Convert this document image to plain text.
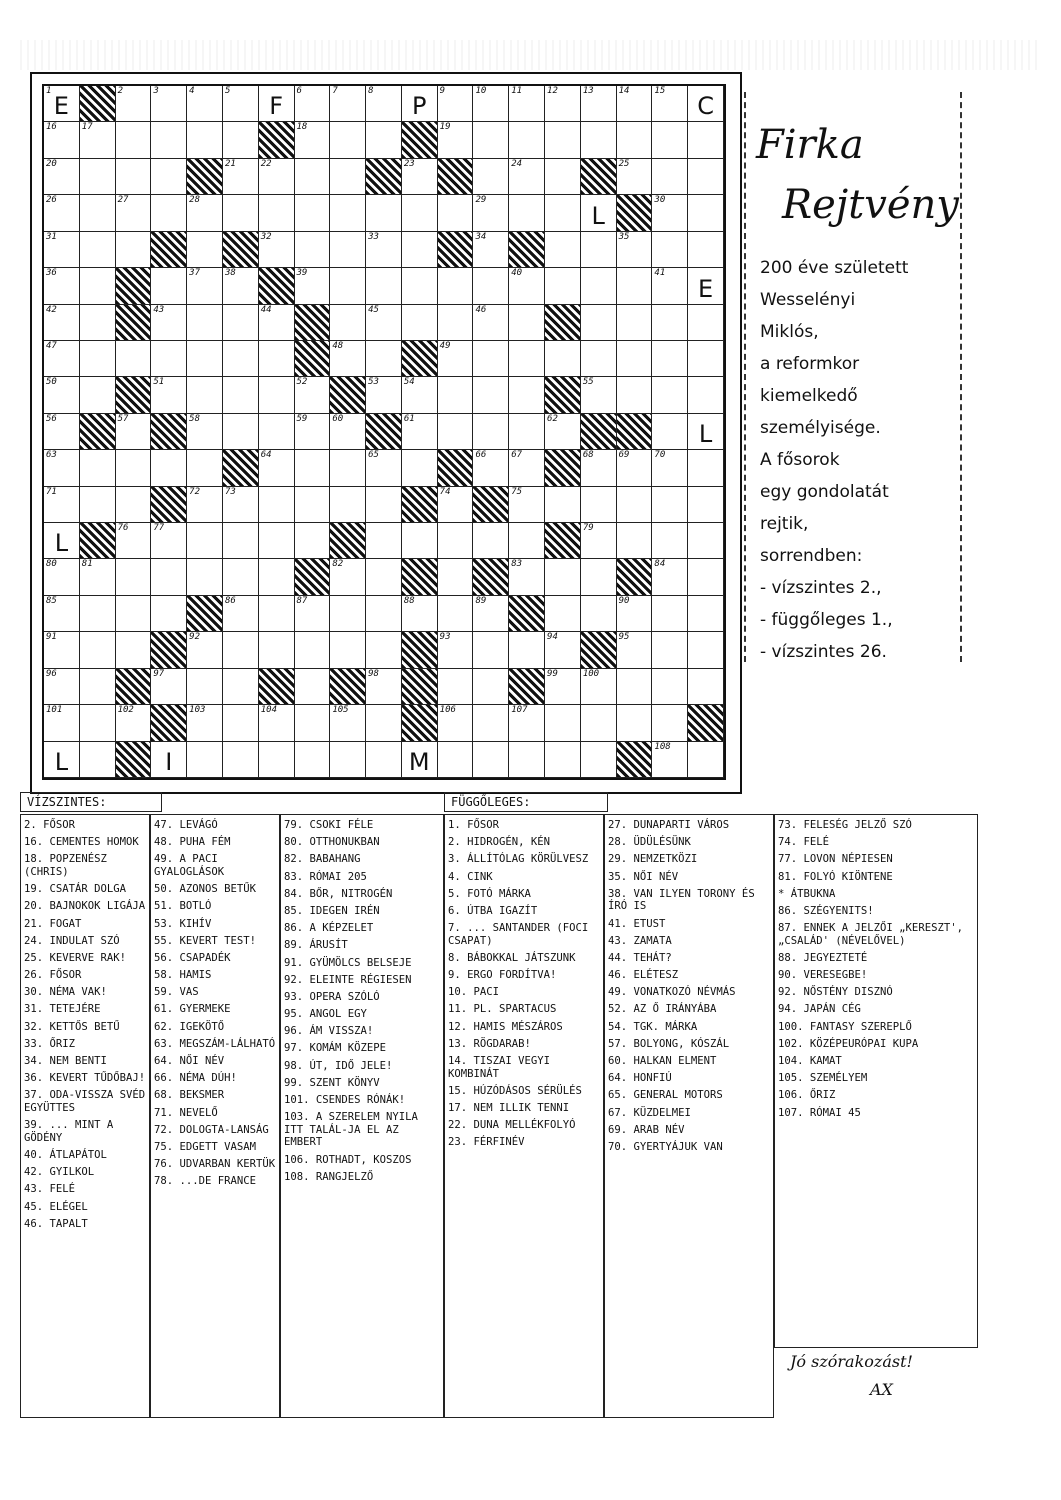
1
E
2	3	4	5
F
6	7	8
P
9	10	11	12	13	14	15
C
16	17	18	19
20	21	22	23	24	25
26	27	28	29
L
30
31	32	33	34	35
36	37	38	39	40	41
E
42	43	44	45	46
47	48	49
50	51	52	53	54	55
56	57	58	59	60	61	62
L
63	64	65	66	67	68	69	70
71	72	73	74	75
L
76	77	79
80	81	82	83	84
85	86	87	88	89	90
91	92	93	94	95
96	97	98	99	100
101	102	103	104	105	106	107
L	I	M
108
Firka
Rejtvény
200 éve született
Wesselényi
Miklós,
a reformkor
kiemelkedő
személyisége.
A fősorok
egy gondolatát
rejtik,
sorrendben:
- vízszintes 2.,
- függőleges 1.,
- vízszintes 26.
VÍZSZINTES:	FÜGGŐLEGES:
2. FŐSOR
16. CEMENTES HOMOK
18. POPZENÉSZ (CHRIS)
19. CSATÁR DOLGA
20. BAJNOKOK LIGÁJA
21. FOGAT
24. INDULAT SZÓ
25. KEVERVE RAK!
26. FŐSOR
30. NÉMA VAK!
31. TETEJÉRE
32. KETTŐS BETŰ
33. ŐRIZ
34. NEM BENTI
36. KEVERT TŰDŐBAJ!
37. ODA-VISSZA SVÉD EGYÜTTES
39. ... MINT A GÖDÉNY
40. ÁTLAPÁTOL
42. GYILKOL
43. FELÉ
45. ELÉGEL
46. TAPALT
47. LEVÁGÓ
48. PUHA FÉM
49. A PACI GYALOGLÁSOK
50. AZONOS BETŰK
51. BOTLÓ
53. KIHÍV
55. KEVERT TEST!
56. CSAPADÉK
58. HAMIS
59. VAS
61. GYERMEKE
62. IGEKÖTŐ
63. MEGSZÁM-LÁLHATÓ
64. NŐI NÉV
66. NÉMA DÚH!
68. BEKSMER
71. NEVELŐ
72. DOLOGTA-LANSÁG
75. EDGETT VASAM
76. UDVARBAN KERTÜK
78. ...DE FRANCE
79. CSOKI FÉLE
80. OTTHONUKBAN
82. BABAHANG
83. RÓMAI 205
84. BŐR, NITROGÉN
85. IDEGEN IRÉN
86. A KÉPZELET
89. ÁRUSÍT
91. GYÜMÖLCS BELSEJE
92. ELEINTE RÉGIESEN
93. OPERA SZÓLÓ
95. ANGOL EGY
96. ÁM VISSZA!
97. KOMÁM KÖZEPE
98. ÚT, IDŐ JELE!
99. SZENT KÖNYV
101. CSENDES RÓNÁK!
103. A SZERELEM NYILA ITT TALÁL-JA EL AZ EMBERT
106. ROTHADT, KOSZOS
108. RANGJELZŐ
1. FŐSOR
2. HIDROGÉN, KÉN
3. ÁLLÍTÓLAG KÖRÜLVESZ
4. CINK
5. FOTÓ MÁRKA
6. ÚTBA IGAZÍT
7. ... SANTANDER (FOCI CSAPAT)
8. BÁBOKKAL JÁTSZUNK
9. ERGO FORDÍTVA!
10. PACI
11. PL. SPARTACUS
12. HAMIS MÉSZÁROS
13. RÖGDARAB!
14. TISZAI VEGYI KOMBINÁT
15. HÚZÓDÁSOS SÉRÜLÉS
17. NEM ILLIK TENNI
22. DUNA MELLÉKFOLYÓ
23. FÉRFINÉV
27. DUNAPARTI VÁROS
28. ÜDÜLÉSÜNK
29. NEMZETKÖZI
35. NŐI NÉV
38. VAN ILYEN TORONY ÉS ÍRÓ IS
41. ETUST
43. ZAMATA
44. TEHÁT?
46. ELÉTESZ
49. VONATKOZÓ NÉVMÁS
52. AZ Ő IRÁNYÁBA
54. TGK. MÁRKA
57. BOLYONG, KÓSZÁL
60. HALKAN ELMENT
64. HONFIÚ
65. GENERAL MOTORS
67. KÜZDELMEI
69. ARAB NÉV
70. GYERTYÁJUK VAN
73. FELESÉG JELZŐ SZÓ
74. FELÉ
77. LOVON NÉPIESEN
81. FOLYÓ KIÖNTENE
* ÁTBUKNA
86. SZÉGYENITS!
87. ENNEK A JELZŐI „KERESZT', „CSALÁD' (NÉVELŐVEL)
88. JEGYEZTETÉ
90. VERESEGBE!
92. NŐSTÉNY DISZNÓ
94. JAPÁN CÉG
100. FANTASY SZEREPLŐ
102. KÖZÉPEURÓPAI KUPA
104. KAMAT
105. SZEMÉLYEM
106. ŐRIZ
107. RÓMAI 45
Jó szórakozást!
AX
